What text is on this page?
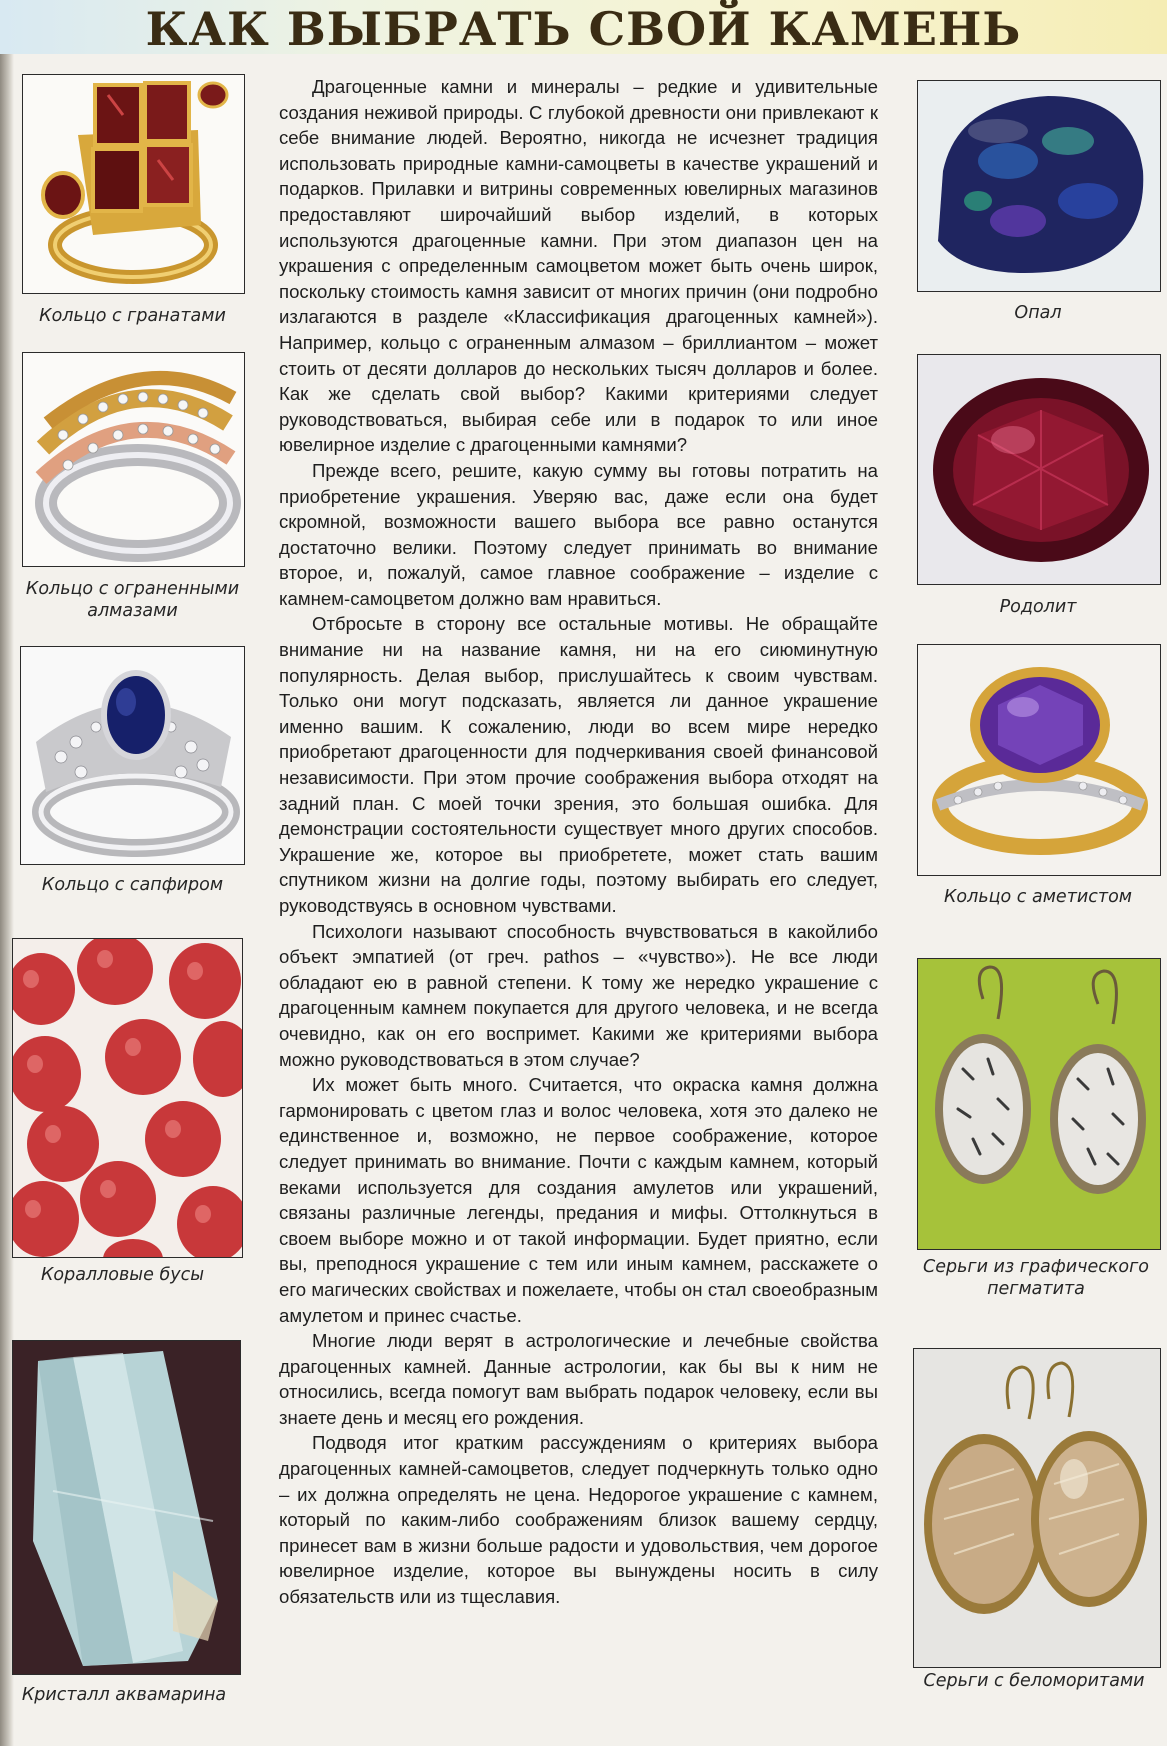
КАК ВЫБРАТЬ СВОЙ КАМЕНЬ
Кольцо с гранатами
Кольцо с ограненными
алмазами
Кольцо с сапфиром
Коралловые бусы
Кристалл аквамарина

Драгоценные камни и минералы – редкие и удивительные создания неживой природы. С глубокой древности они привлекают к себе внимание людей. Вероятно, никогда не исчезнет традиция использовать природные камни-самоцветы в качестве украшений и подарков. Прилавки и витрины современных ювелирных магазинов предоставляют широчайший выбор изделий, в которых используются драгоценные камни. При этом диапазон цен на украшения с определенным самоцветом может быть очень широк, поскольку стоимость камня зависит от многих причин (они подробно излагаются в разделе «Классификация драгоценных камней»). Например, кольцо с ограненным алмазом – бриллиантом – может стоить от десяти долларов до нескольких тысяч долларов и более. Как же сделать свой выбор? Какими критериями следует руководствоваться, выбирая себе или в подарок то или иное ювелирное изделие с драгоценными камнями?

Прежде всего, решите, какую сумму вы готовы потратить на приобретение украшения. Уверяю вас, даже если она будет скромной, возможности вашего выбора все равно останутся достаточно велики. Поэтому следует принимать во внимание второе, и, пожалуй, самое главное соображение – изделие с камнем-самоцветом должно вам нравиться.

Отбросьте в сторону все остальные мотивы. Не обращайте внимание ни на название камня, ни на его сиюминутную популярность. Делая выбор, прислушайтесь к своим чувствам. Только они могут подсказать, является ли данное украшение именно вашим. К сожалению, люди во всем мире нередко приобретают драгоценности для подчеркивания своей финансовой независимости. При этом прочие соображения выбора отходят на задний план. С моей точки зрения, это большая ошибка. Для демонстрации состоятельности существует много других способов. Украшение же, которое вы приобретете, может стать вашим спутником жизни на долгие годы, поэтому выбирать его следует, руководствуясь в основном чувствами.

Психологи называют способность вчувствоваться в какойлибо объект эмпатией (от греч. pathos – «чувство»). Не все люди обладают ею в равной степени. К тому же нередко украшение с драгоценным камнем покупается для другого человека, и не всегда очевидно, как он его воспримет. Какими же критериями выбора можно руководствоваться в этом случае?

Их может быть много. Считается, что окраска камня должна гармонировать с цветом глаз и волос человека, хотя это далеко не единственное и, возможно, не первое соображение, которое следует принимать во внимание. Почти с каждым камнем, который веками используется для создания амулетов или украшений, связаны различные легенды, предания и мифы. Оттолкнуться в своем выборе можно и от такой информации. Будет приятно, если вы, преподнося украшение с тем или иным камнем, расскажете о его магических свойствах и пожелаете, чтобы он стал своеобразным амулетом и принес счастье.

Многие люди верят в астрологические и лечебные свойства драгоценных камней. Данные астрологии, как бы вы к ним не относились, всегда помогут вам выбрать подарок человеку, если вы знаете день и месяц его рождения.

Подводя итог кратким рассуждениям о критериях выбора драгоценных камней-самоцветов, следует подчеркнуть только одно – их должна определять не цена. Недорогое украшение с камнем, который по каким-либо соображениям близок вашему сердцу, принесет вам в жизни больше радости и удовольствия, чем дорогое ювелирное изделие, которое вы вынуждены носить в силу обязательств или из тщеславия.

Опал
Родолит
Кольцо с аметистом
Серьги из графического
пегматита
Серьги с беломоритами
